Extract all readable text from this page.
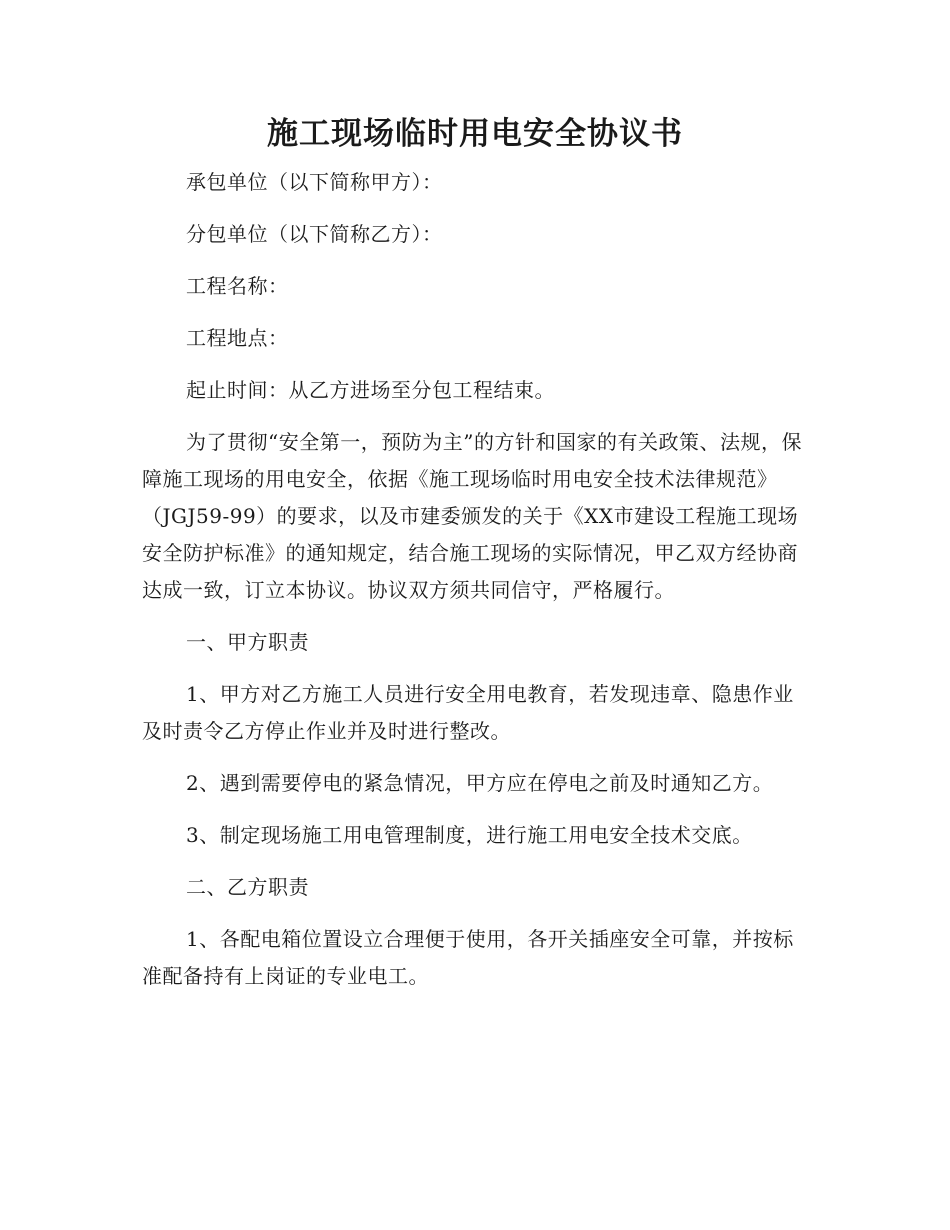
施工现场临时用电安全协议书

承包单位（以下简称甲方）：

分包单位（以下简称乙方）：

工程名称：

工程地点：

起止时间：从乙方进场至分包工程结束。

为了贯彻“安全第一，预防为主”的方针和国家的有关政策、法规，保障施工现场的用电安全，依据《施工现场临时用电安全技术法律规范》（JGJ59-99）的要求，以及市建委颁发的关于《XX市建设工程施工现场安全防护标准》的通知规定，结合施工现场的实际情况，甲乙双方经协商达成一致，订立本协议。协议双方须共同信守，严格履行。

一、甲方职责

1、甲方对乙方施工人员进行安全用电教育，若发现违章、隐患作业及时责令乙方停止作业并及时进行整改。

2、遇到需要停电的紧急情况，甲方应在停电之前及时通知乙方。

3、制定现场施工用电管理制度，进行施工用电安全技术交底。

二、乙方职责

1、各配电箱位置设立合理便于使用，各开关插座安全可靠，并按标准配备持有上岗证的专业电工。
